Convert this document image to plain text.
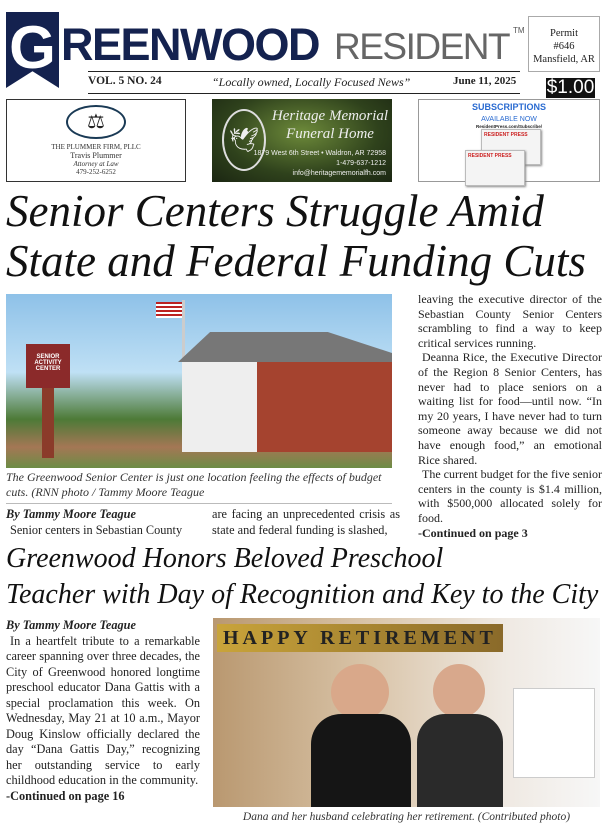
G REENWOOD RESIDENT TM	Permit
#646
Mansfield, AR
VOL. 5 NO. 24	“Locally owned, Locally Focused News”	June 11, 2025 $1.00
⚖
THE PLUMMER FIRM, PLLC
Travis Plummer
Attorney at Law
479-252-6252
🕊
Heritage Memorial
Funeral Home
1879 West 6th Street • Waldron, AR 72958
1-479-637-1212
info@heritagememorialfh.com
SUBSCRIPTIONS
AVAILABLE NOW
ResidentPress.com/Subscribe/
RESIDENT PRESS
RESIDENT PRESS
Senior Centers Struggle Amid
State and Federal Funding Cuts
SENIOR ACTIVITY CENTER
The Greenwood Senior Center is just one location feeling the effects of budget cuts. (RNN photo / Tammy Moore Teague
By Tammy Moore Teague

Senior centers in Sebastian County

are facing an unprecedented crisis as state and federal funding is slashed,
leaving the executive director of the Sebastian County Senior Centers scrambling to find a way to keep critical services running.

Deanna Rice, the Executive Director of the Region 8 Senior Centers, has never had to place seniors on a waiting list for food—until now. “In my 20 years, I have never had to turn someone away because we did not have enough food,” an emotional Rice shared.

The current budget for the five senior centers in the county is $1.4 million, with $500,000 allocated solely for food.

-Continued on page 3
Greenwood Honors Beloved Preschool
Teacher with Day of Recognition and Key to the City
By Tammy Moore Teague

In a heartfelt tribute to a remarkable career spanning over three decades, the City of Greenwood honored longtime preschool educator Dana Gattis with a special proclamation this week. On Wednesday, May 21 at 10 a.m., Mayor Doug Kinslow officially declared the day “Dana Gattis Day,” recognizing her outstanding service to early childhood education in the community.

-Continued on page 16
HAPPY RETIREMENT
Dana and her husband celebrating her retirement. (Contributed photo)
